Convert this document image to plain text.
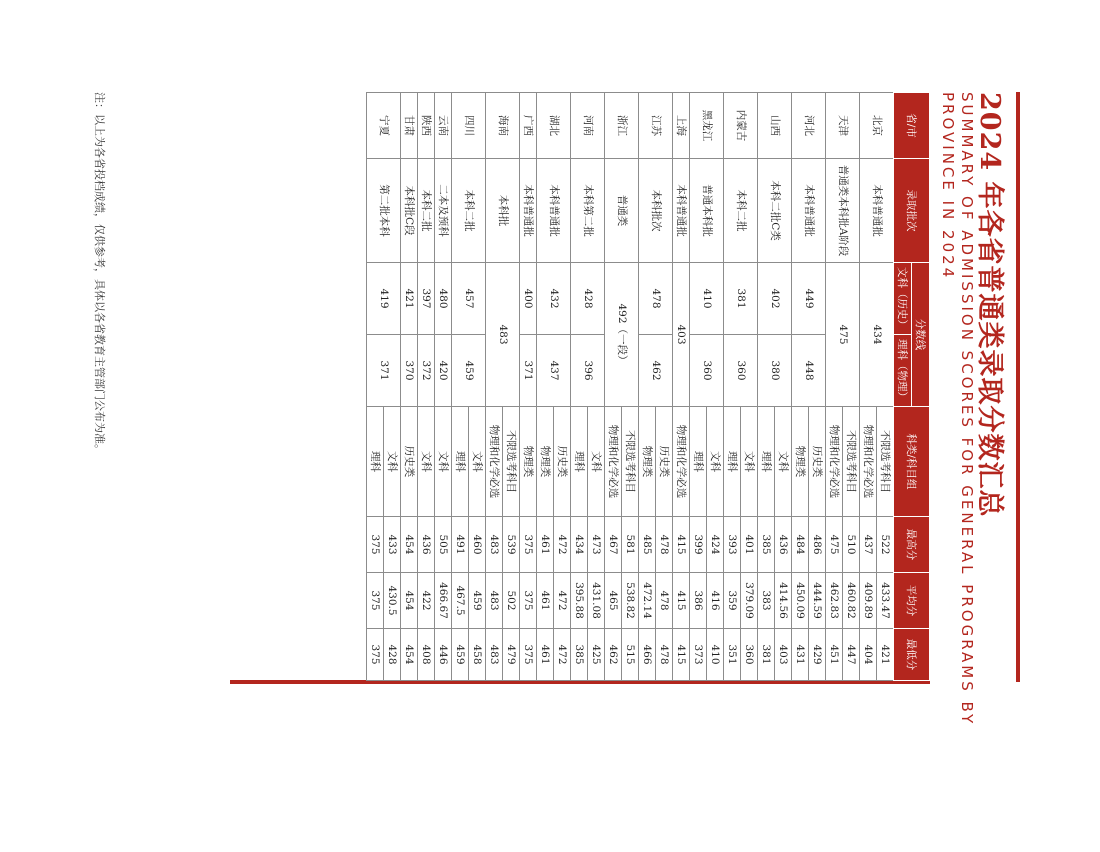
2024 年各省普通类录取分数汇总
SUMMARY OF ADMISSION SCORES FOR GENERAL PROGRAMS BY
PROVINCE IN 2024
省/市	录取批次	分数线		科类/科目组	最高分	平均分	最低分
		文科（历史）	理科（物理）				
北京	本科普通批	434		不限选考科目	522	433.47	421
				物理和化学必选	437	409.89	404
天津	普通类本科批A阶段	475		不限选考科目	510	460.82	447
				物理和化学必选	475	462.83	451
河北	本科普通批	449	448	历史类	486	444.59	429
				物理类	484	450.09	431
山西	本科二批C类	402	380	文科	436	414.56	403
				理科	385	383	381
内蒙古	本科二批	381	360	文科	401	379.09	360
				理科	393	359	351
黑龙江	普通本科批	410	360	文科	424	416	410
				理科	399	386	373
上海	本科普通批	403		物理和化学必选	415	415	415
江苏	本科批次	478	462	历史类	478	478	478
				物理类	485	472.14	466
浙江	普通类	492（一段）		不限选考科目	581	538.82	515
				物理和化学必选	467	465	462
河南	本科第二批	428	396	文科	473	431.08	425
				理科	434	395.88	385
湖北	本科普通批	432	437	历史类	472	472	472
				物理类	461	461	461
广西	本科普通批	400	371	物理类	375	375	375
海南	本科批	483		不限选考科目	539	502	479
				物理和化学必选	483	483	483
四川	本科二批	457	459	文科	460	459	458
				理科	491	467.5	459
云南	二本及预科	480	420	文科	505	466.67	446
陕西	本科二批	397	372	文科	436	422	408
甘肃	本科批C段	421	370	历史类	454	454	454
宁夏	第二批本科	419	371	文科	433	430.5	428
				理科	375	375	375
注：以上为各省投档成绩，仅供参考，具体以各省教育主管部门公布为准。
